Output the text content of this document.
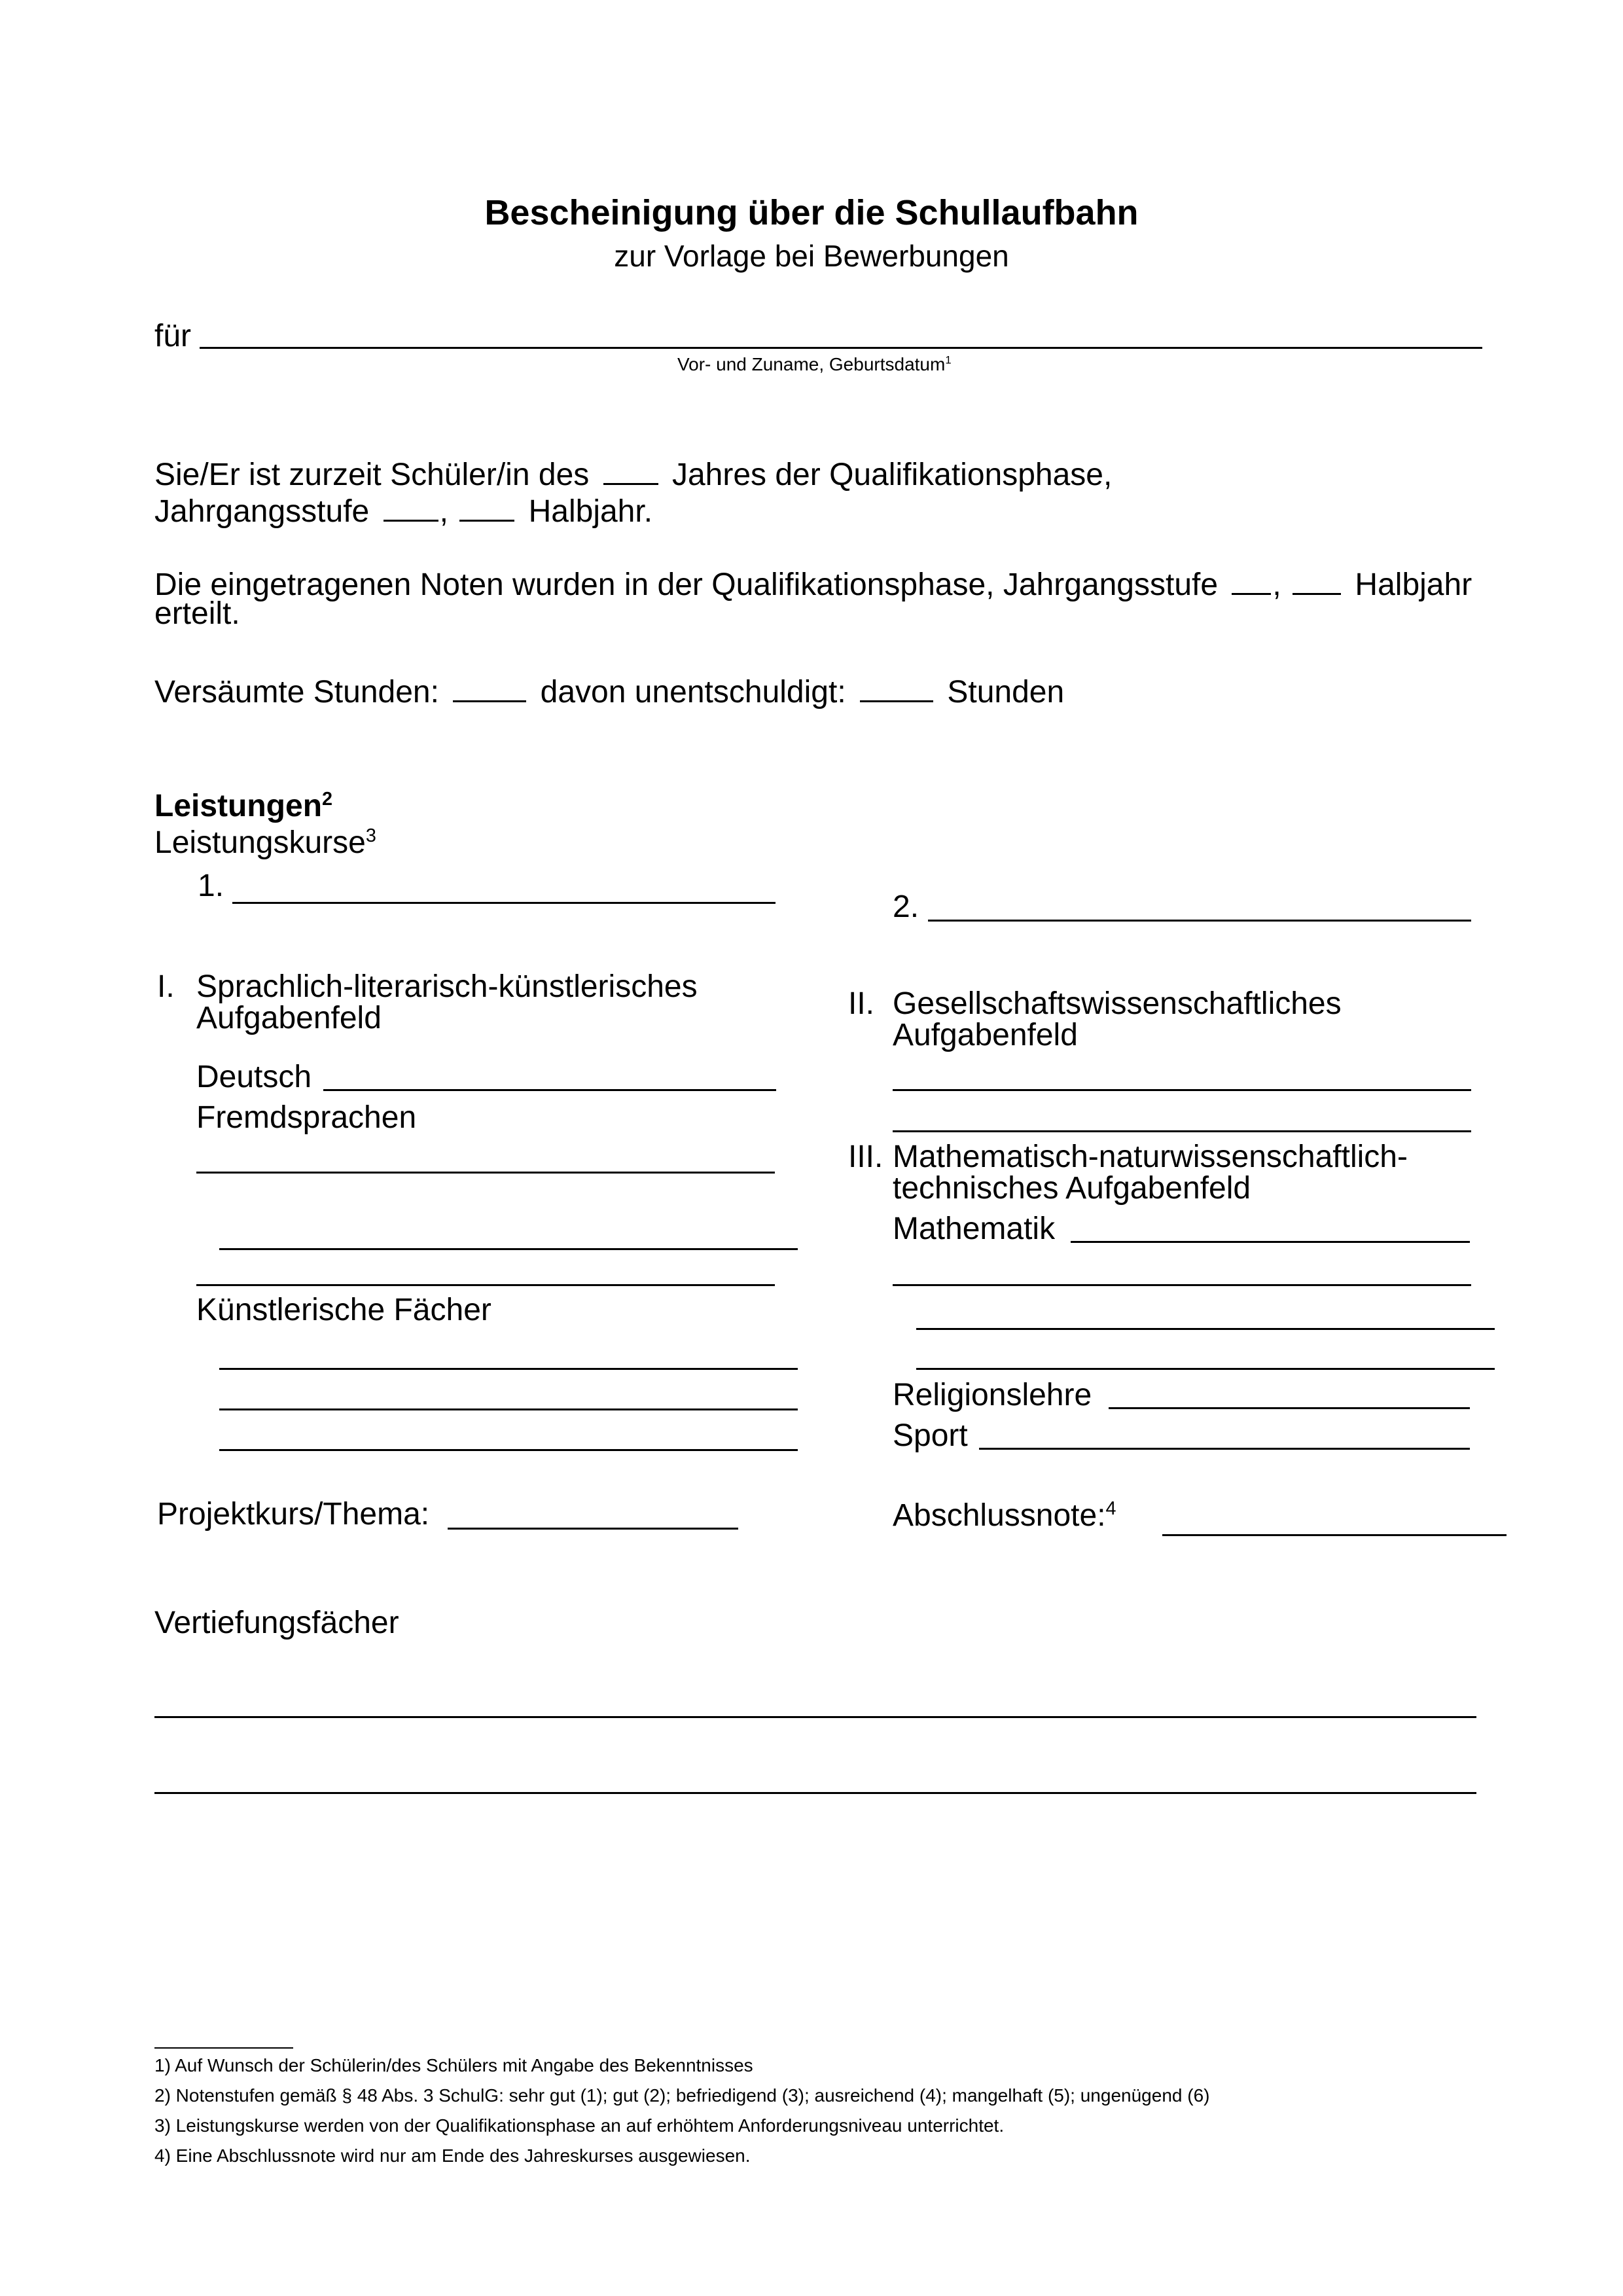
Bescheinigung über die Schullaufbahn
zur Vorlage bei Bewerbungen
für
Vor- und Zuname, Geburtsdatum$^1$
Sie/Er ist zurzeit Schüler/in des	Jahres der Qualifikationsphase,
Jahrgangsstufe ,	Halbjahr.
Die eingetragenen Noten wurden in der Qualifikationsphase, Jahrgangsstufe , Halbjahr
erteilt.
Versäumte Stunden:	davon unentschuldigt:	Stunden
Leistungen$^2$
Leistungskurse$^3$
1.
2.
I. Sprachlich-literarisch-künstlerisches
Aufgabenfeld
Deutsch
Fremdsprachen
Künstlerische Fächer
Projektkurs/Thema:
II. Gesellschaftswissenschaftliches
Aufgabenfeld
III. Mathematisch-naturwissenschaftlich-
technisches Aufgabenfeld
Mathematik
Religionslehre
Sport
Abschlussnote:$^4$
Vertiefungsfächer
1) Auf Wunsch der Schülerin/des Schülers mit Angabe des Bekenntnisses
2) Notenstufen gemäß § 48 Abs. 3 SchulG: sehr gut (1); gut (2); befriedigend (3); ausreichend (4); mangelhaft (5); ungenügend (6)
3) Leistungskurse werden von der Qualifikationsphase an auf erhöhtem Anforderungsniveau unterrichtet.
4) Eine Abschlussnote wird nur am Ende des Jahreskurses ausgewiesen.
